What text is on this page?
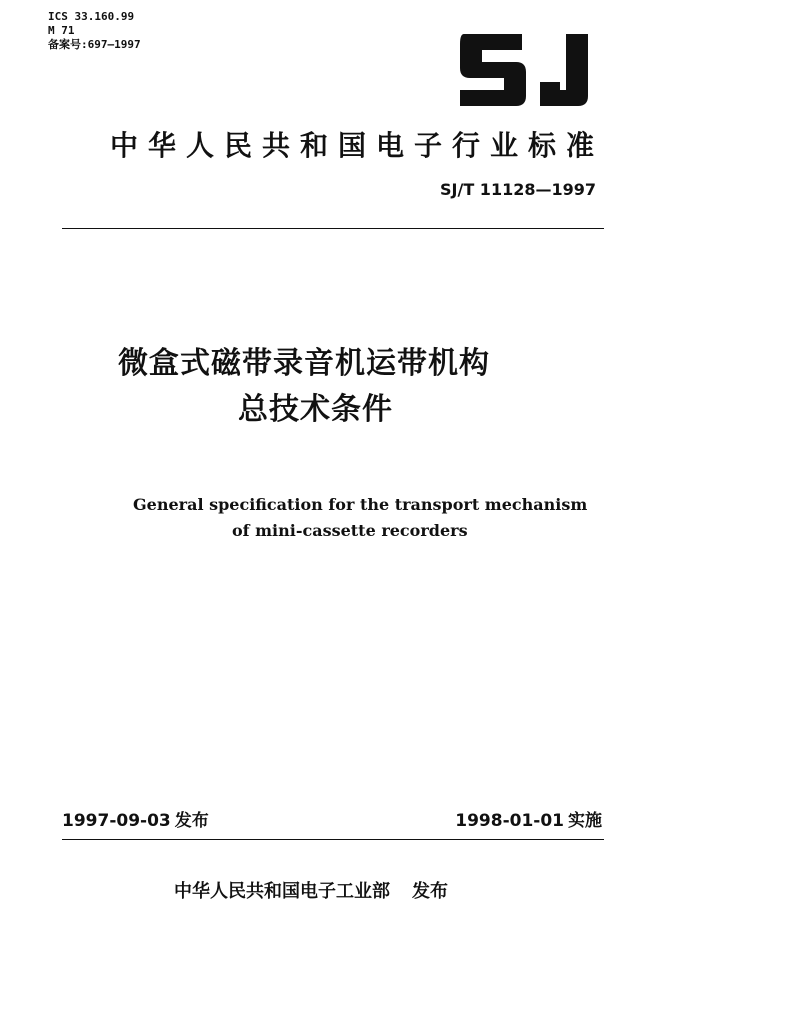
ICS 33.160.99
M 71
备案号:697—1997
中华人民共和国电子行业标准
SJ/T 11128—1997
微盒式磁带录音机运带机构
总技术条件
General specification for the transport mechanism
of mini-cassette recorders
1997-09-03 发布	1998-01-01 实施
中华人民共和国电子工业部 发布
